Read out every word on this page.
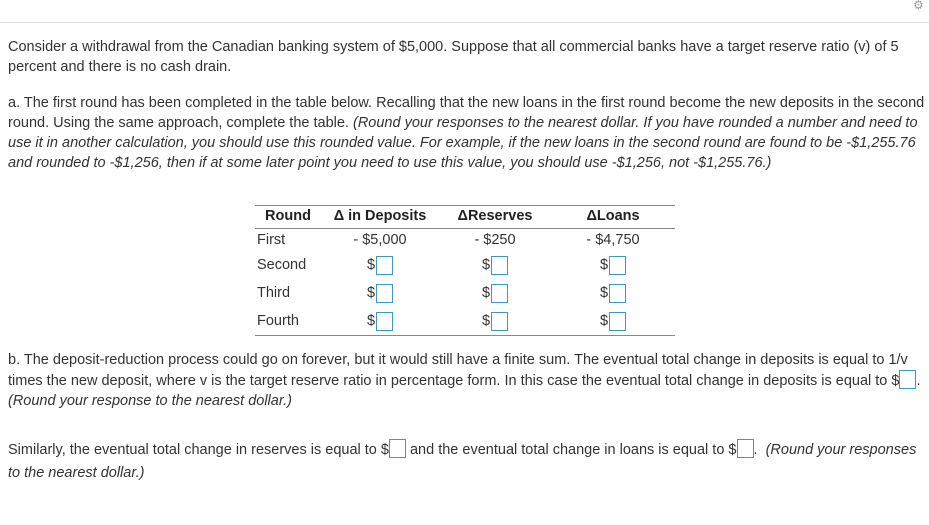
⚙

Consider a withdrawal from the Canadian banking system of $5,000. Suppose that all commercial banks have a target reserve ratio (v) of 5 percent and there is no cash drain.

a. The first round has been completed in the table below. Recalling that the new loans in the first round become the new deposits in the second round. Using the same approach, complete the table. (Round your responses to the nearest dollar. If you have rounded a number and need to use it in another calculation, you should use this rounded value. For example, if the new loans in the second round are found to be -$1,255.76 and rounded to -$1,256, then if at some later point you need to use this value, you should use -$1,256, not -$1,255.76.)

Round	Δ in Deposits	ΔReserves	ΔLoans
First	- $5,000	- $250	- $4,750
Second	$	$	$

Third	$	$	$

Fourth	$	$	$

b. The deposit-reduction process could go on forever, but it would still have a finite sum. The eventual total change in deposits is equal to 1/v times the new deposit, where v is the target reserve ratio in percentage form. In this case the eventual total change in deposits is equal to $ .  (Round your response to the nearest dollar.)

Similarly, the eventual total change in reserves is equal to $ and the eventual total change in loans is equal to $ . (Round your responses to the nearest dollar.)
